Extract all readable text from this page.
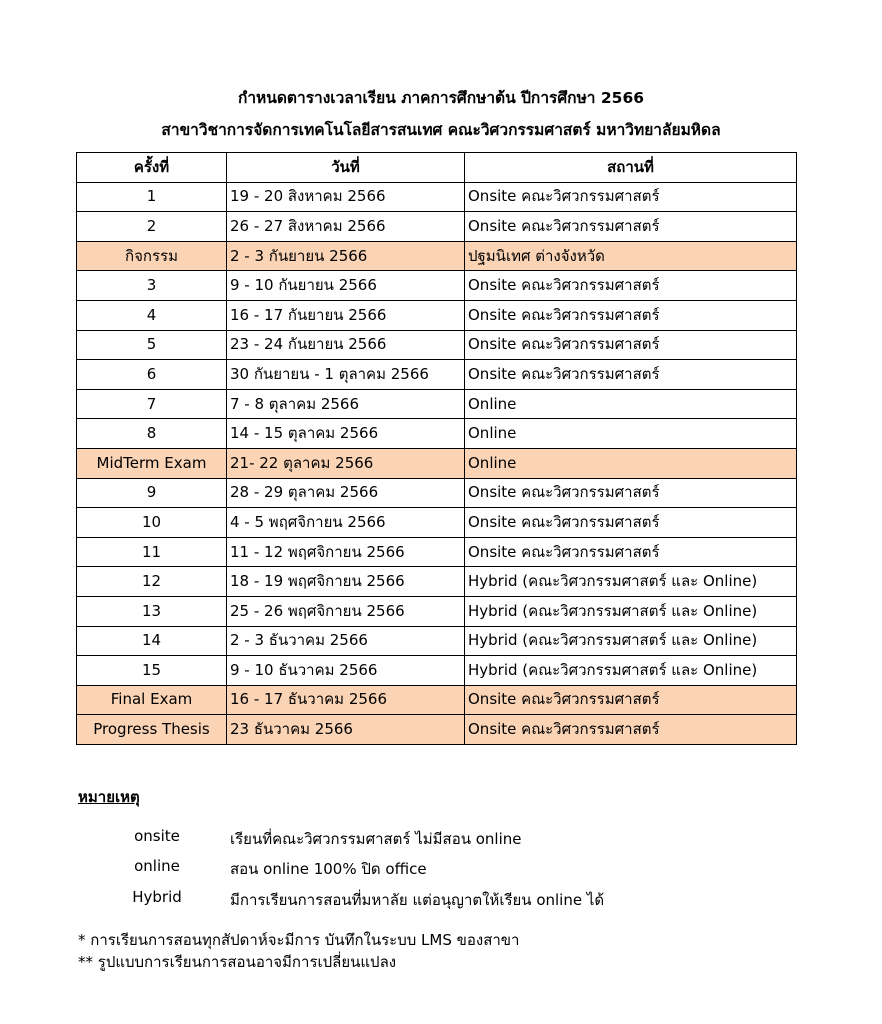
กำหนดตารางเวลาเรียน ภาคการศึกษาต้น ปีการศึกษา 2566
สาขาวิชาการจัดการเทคโนโลยีสารสนเทศ คณะวิศวกรรมศาสตร์ มหาวิทยาลัยมหิดล
ครั้งที่	วันที่	สถานที่
1	19 - 20 สิงหาคม 2566	Onsite คณะวิศวกรรมศาสตร์
2	26 - 27 สิงหาคม 2566	Onsite คณะวิศวกรรมศาสตร์
กิจกรรม	2 - 3 กันยายน 2566	ปฐมนิเทศ ต่างจังหวัด
3	9 - 10 กันยายน 2566	Onsite คณะวิศวกรรมศาสตร์
4	16 - 17 กันยายน 2566	Onsite คณะวิศวกรรมศาสตร์
5	23 - 24 กันยายน 2566	Onsite คณะวิศวกรรมศาสตร์
6	30 กันยายน - 1 ตุลาคม 2566	Onsite คณะวิศวกรรมศาสตร์
7	7 - 8 ตุลาคม 2566	Online
8	14 - 15 ตุลาคม 2566	Online
MidTerm Exam	21- 22 ตุลาคม 2566	Online
9	28 - 29 ตุลาคม 2566	Onsite คณะวิศวกรรมศาสตร์
10	4 - 5 พฤศจิกายน 2566	Onsite คณะวิศวกรรมศาสตร์
11	11 - 12 พฤศจิกายน 2566	Onsite คณะวิศวกรรมศาสตร์
12	18 - 19 พฤศจิกายน 2566	Hybrid (คณะวิศวกรรมศาสตร์ และ Online)
13	25 - 26 พฤศจิกายน 2566	Hybrid (คณะวิศวกรรมศาสตร์ และ Online)
14	2 - 3 ธันวาคม 2566	Hybrid (คณะวิศวกรรมศาสตร์ และ Online)
15	9 - 10 ธันวาคม 2566	Hybrid (คณะวิศวกรรมศาสตร์ และ Online)
Final Exam	16 - 17 ธันวาคม 2566	Onsite คณะวิศวกรรมศาสตร์
Progress Thesis	23 ธันวาคม 2566	Onsite คณะวิศวกรรมศาสตร์
หมายเหตุ
onsite	เรียนที่คณะวิศวกรรมศาสตร์ ไม่มีสอน online
online	สอน online 100% ปิด office
Hybrid	มีการเรียนการสอนที่มหาลัย แต่อนุญาตให้เรียน online ได้
* การเรียนการสอนทุกสัปดาห์จะมีการ บันทึกในระบบ LMS ของสาขา
** รูปแบบการเรียนการสอนอาจมีการเปลี่ยนแปลง
